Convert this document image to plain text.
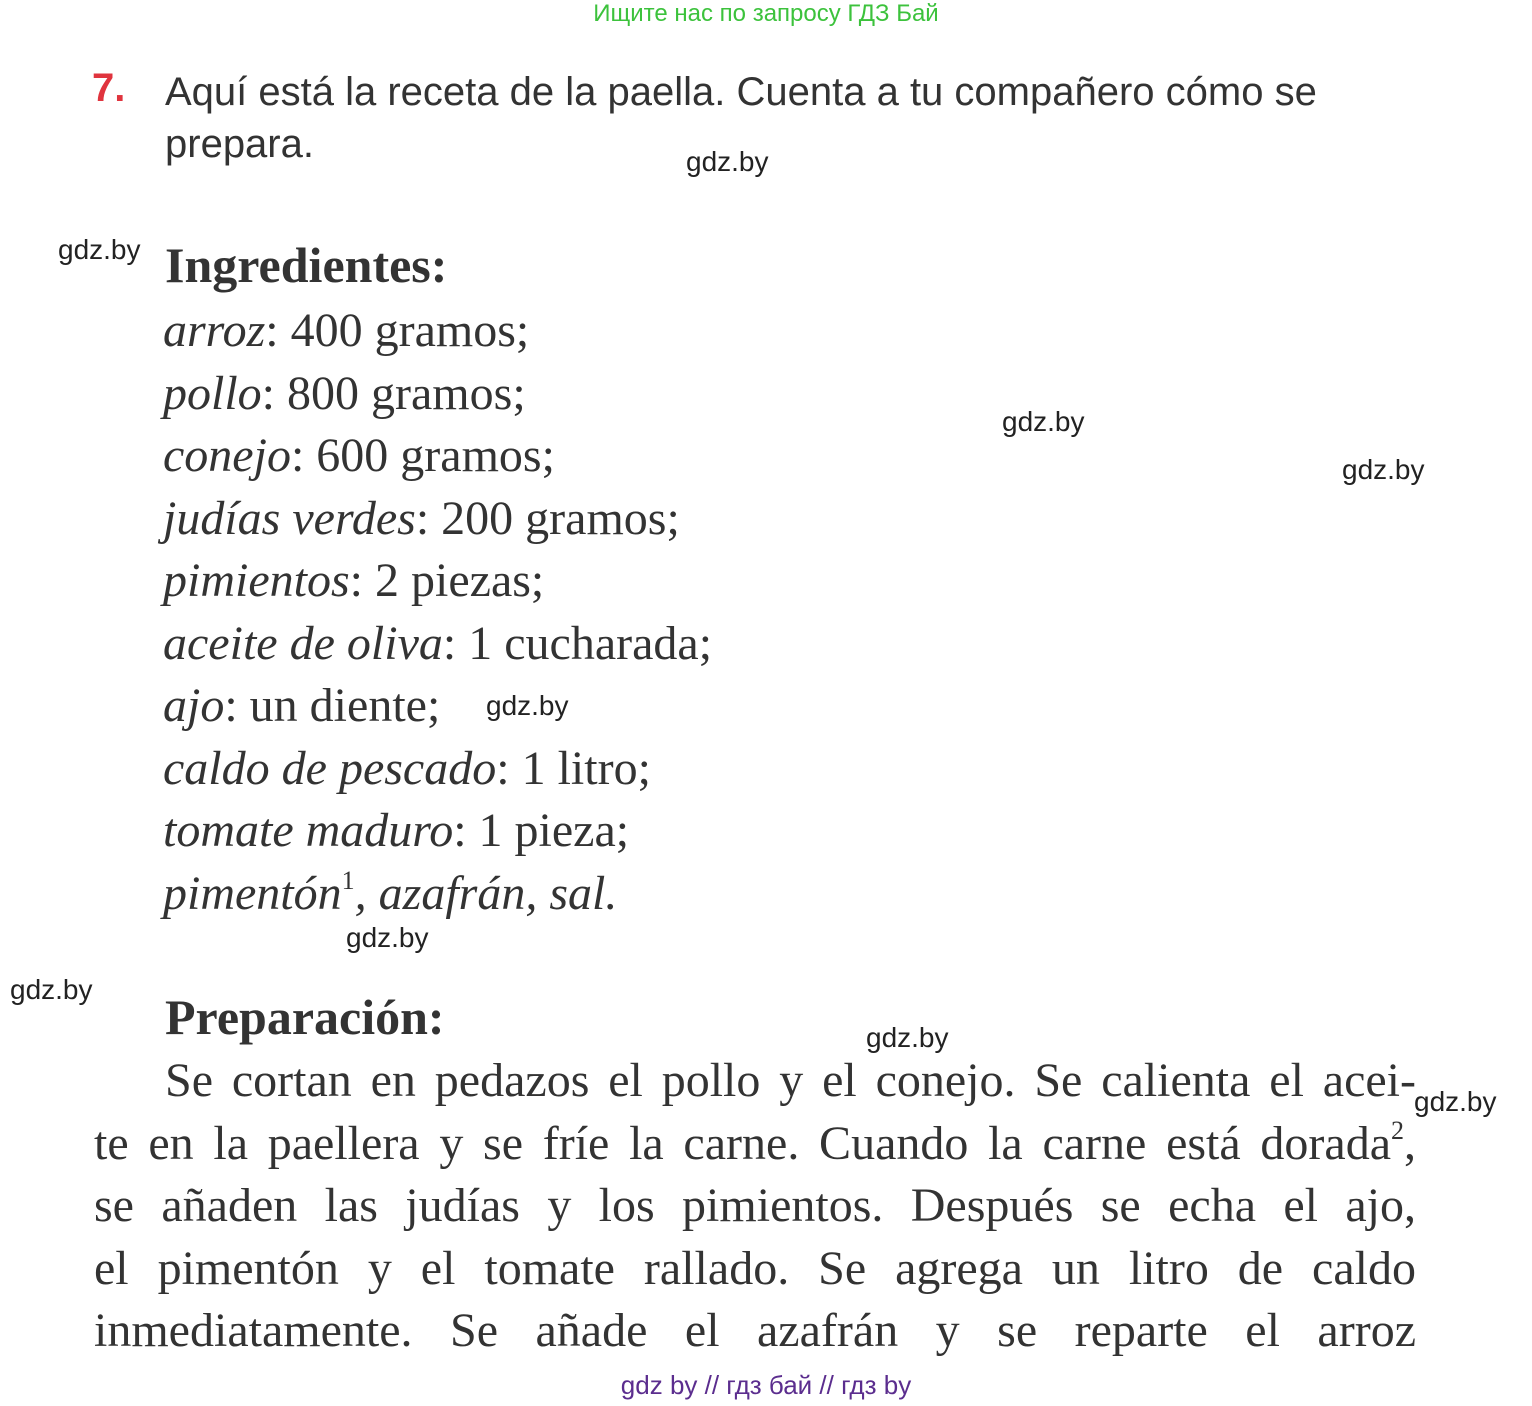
Ищите нас по запросу ГДЗ Бай
7. Aquí está la receta de la paella. Cuenta a tu compañero cómo se
prepara.
Ingredientes:
arroz: 400 gramos;
pollo: 800 gramos;
conejo: 600 gramos;
judías verdes: 200 gramos;
pimientos: 2 piezas;
aceite de oliva: 1 cucharada;
ajo: un diente;
caldo de pescado: 1 litro;
tomate maduro: 1 pieza;
pimentón$^1$, azafrán, sal.
Preparación:
Se cortan en pedazos el pollo y el conejo. Se calienta el acei-
te en la paellera y se fríe la carne. Cuando la carne está dorada$^2$,
se añaden las judías y los pimientos. Después se echa el ajo,
el pimentón y el tomate rallado. Se agrega un litro de caldo
inmediatamente. Se añade el azafrán y se reparte el arroz
gdz.by
gdz.by
gdz.by
gdz.by
gdz.by
gdz.by
gdz.by
gdz.by
gdz.by
gdz by // гдз бай // гдз by
